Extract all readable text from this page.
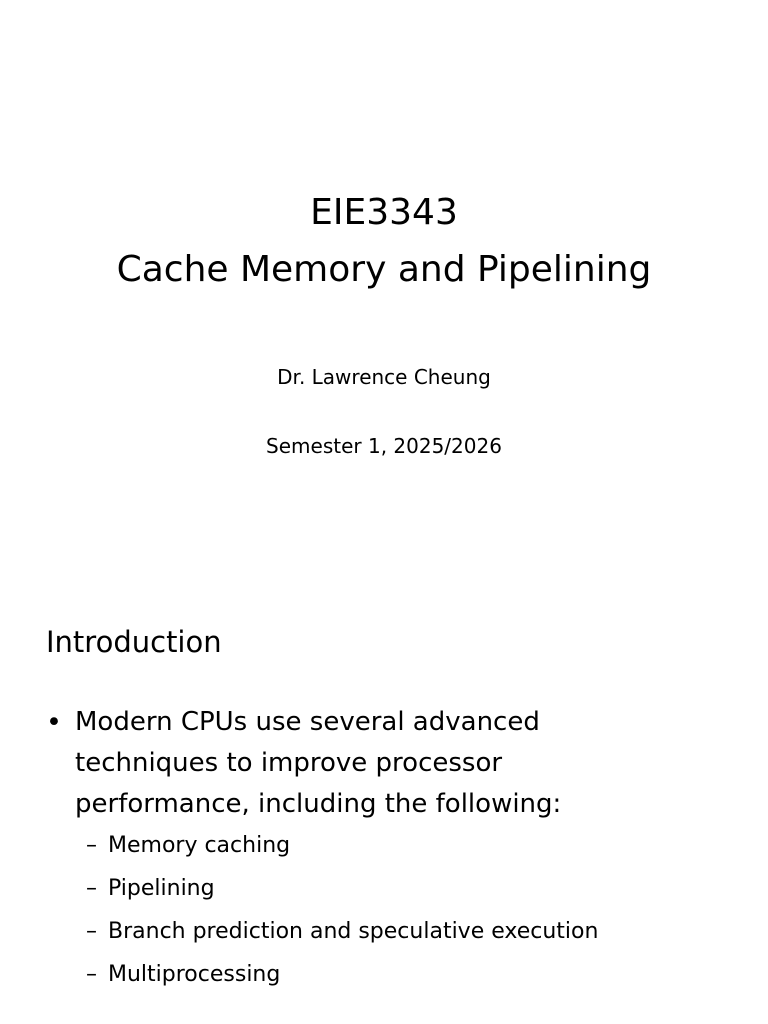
EIE3343
Cache Memory and Pipelining
Dr. Lawrence Cheung
Semester 1, 2025/2026
Introduction
• Modern CPUs use several advanced techniques to improve processor performance, including the following:
– Memory caching
– Pipelining
– Branch prediction and speculative execution
– Multiprocessing
